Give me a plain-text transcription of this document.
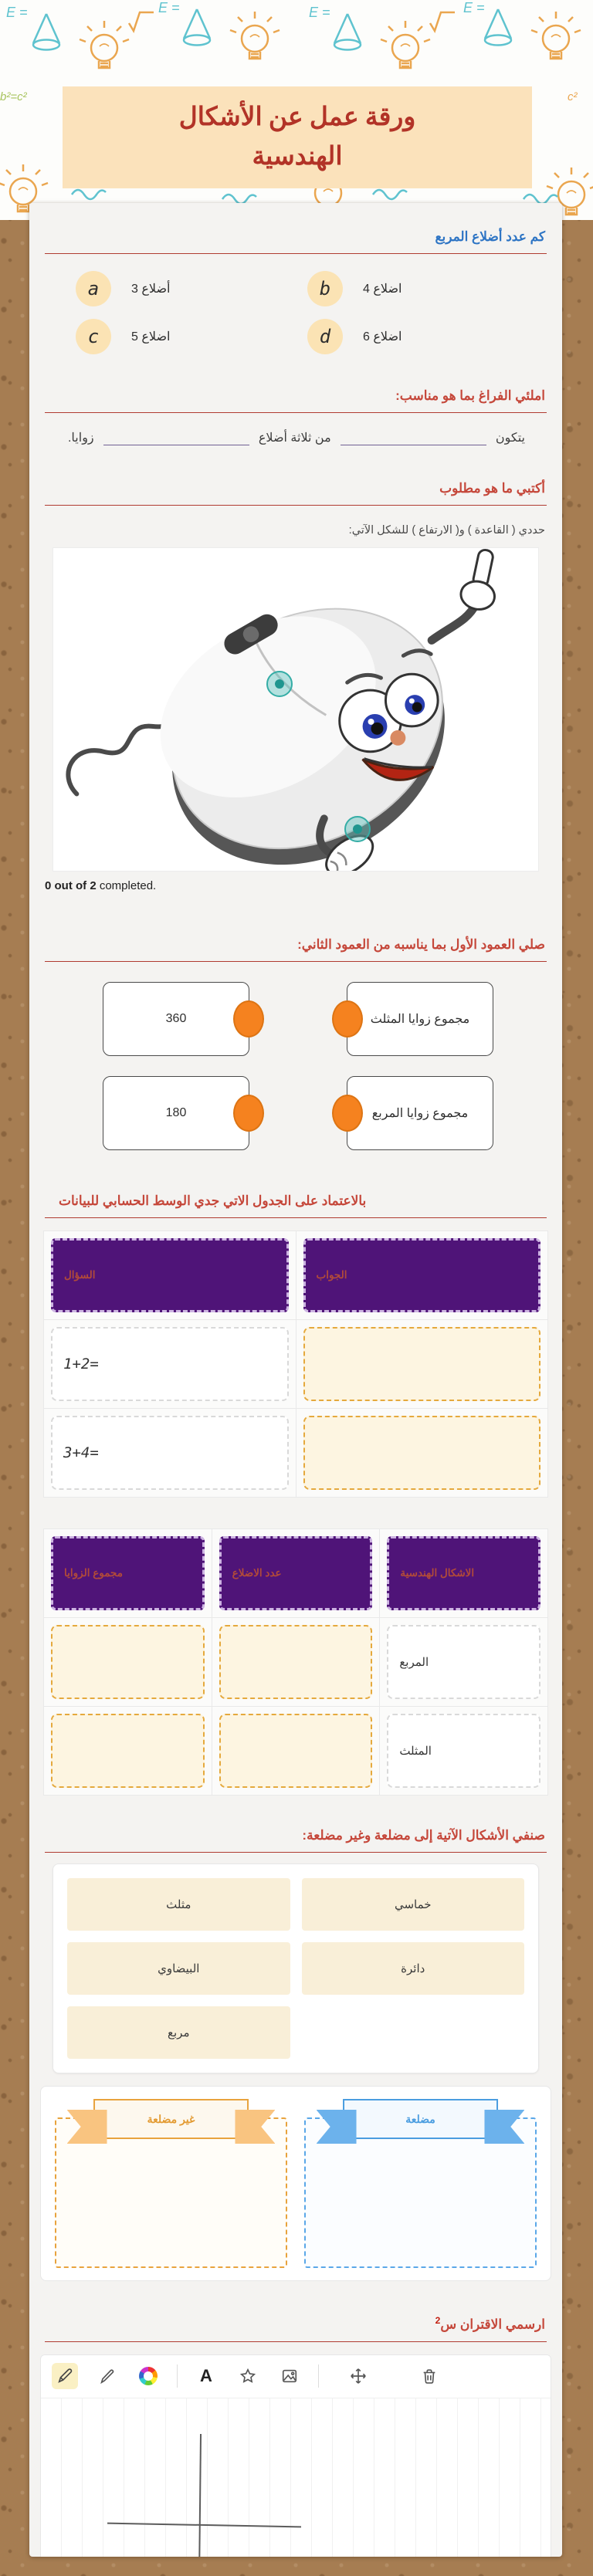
E =	E =	E =	E =
b²=c²	c²
ورقة عمل عن الأشكال
الهندسية
كم عدد أضلاع المربع
a	أضلاع 3	b	اضلاع 4
c	اضلاع 5	d	اضلاع 6
املئي الفراغ بما هو مناسب:
يتكون
من ثلاثة أضلاع
زوايا.
أكتبي ما هو مطلوب
حددي ( القاعدة ) و( الارتفاع ) للشكل الآتي:
0 out of 2 completed.
صلي العمود الأول بما يناسبه من العمود الثاني:
360	مجموع زوايا المثلث
180	مجموع زوايا المربع
بالاعتماد على الجدول الاتي جدي الوسط الحسابي للبيانات
السؤال	الجواب
1+2=
3+4=
مجموع الزوايا	عدد الاضلاع	الاشكال الهندسية
المربع
المثلث
صنفي الأشكال الآتية إلى مضلعة وغير مضلعة:
مثلث	خماسي
البيضاوي	دائرة
مربع
غير مضلعة	مضلعة
ارسمي الاقتران س$^2$
A
